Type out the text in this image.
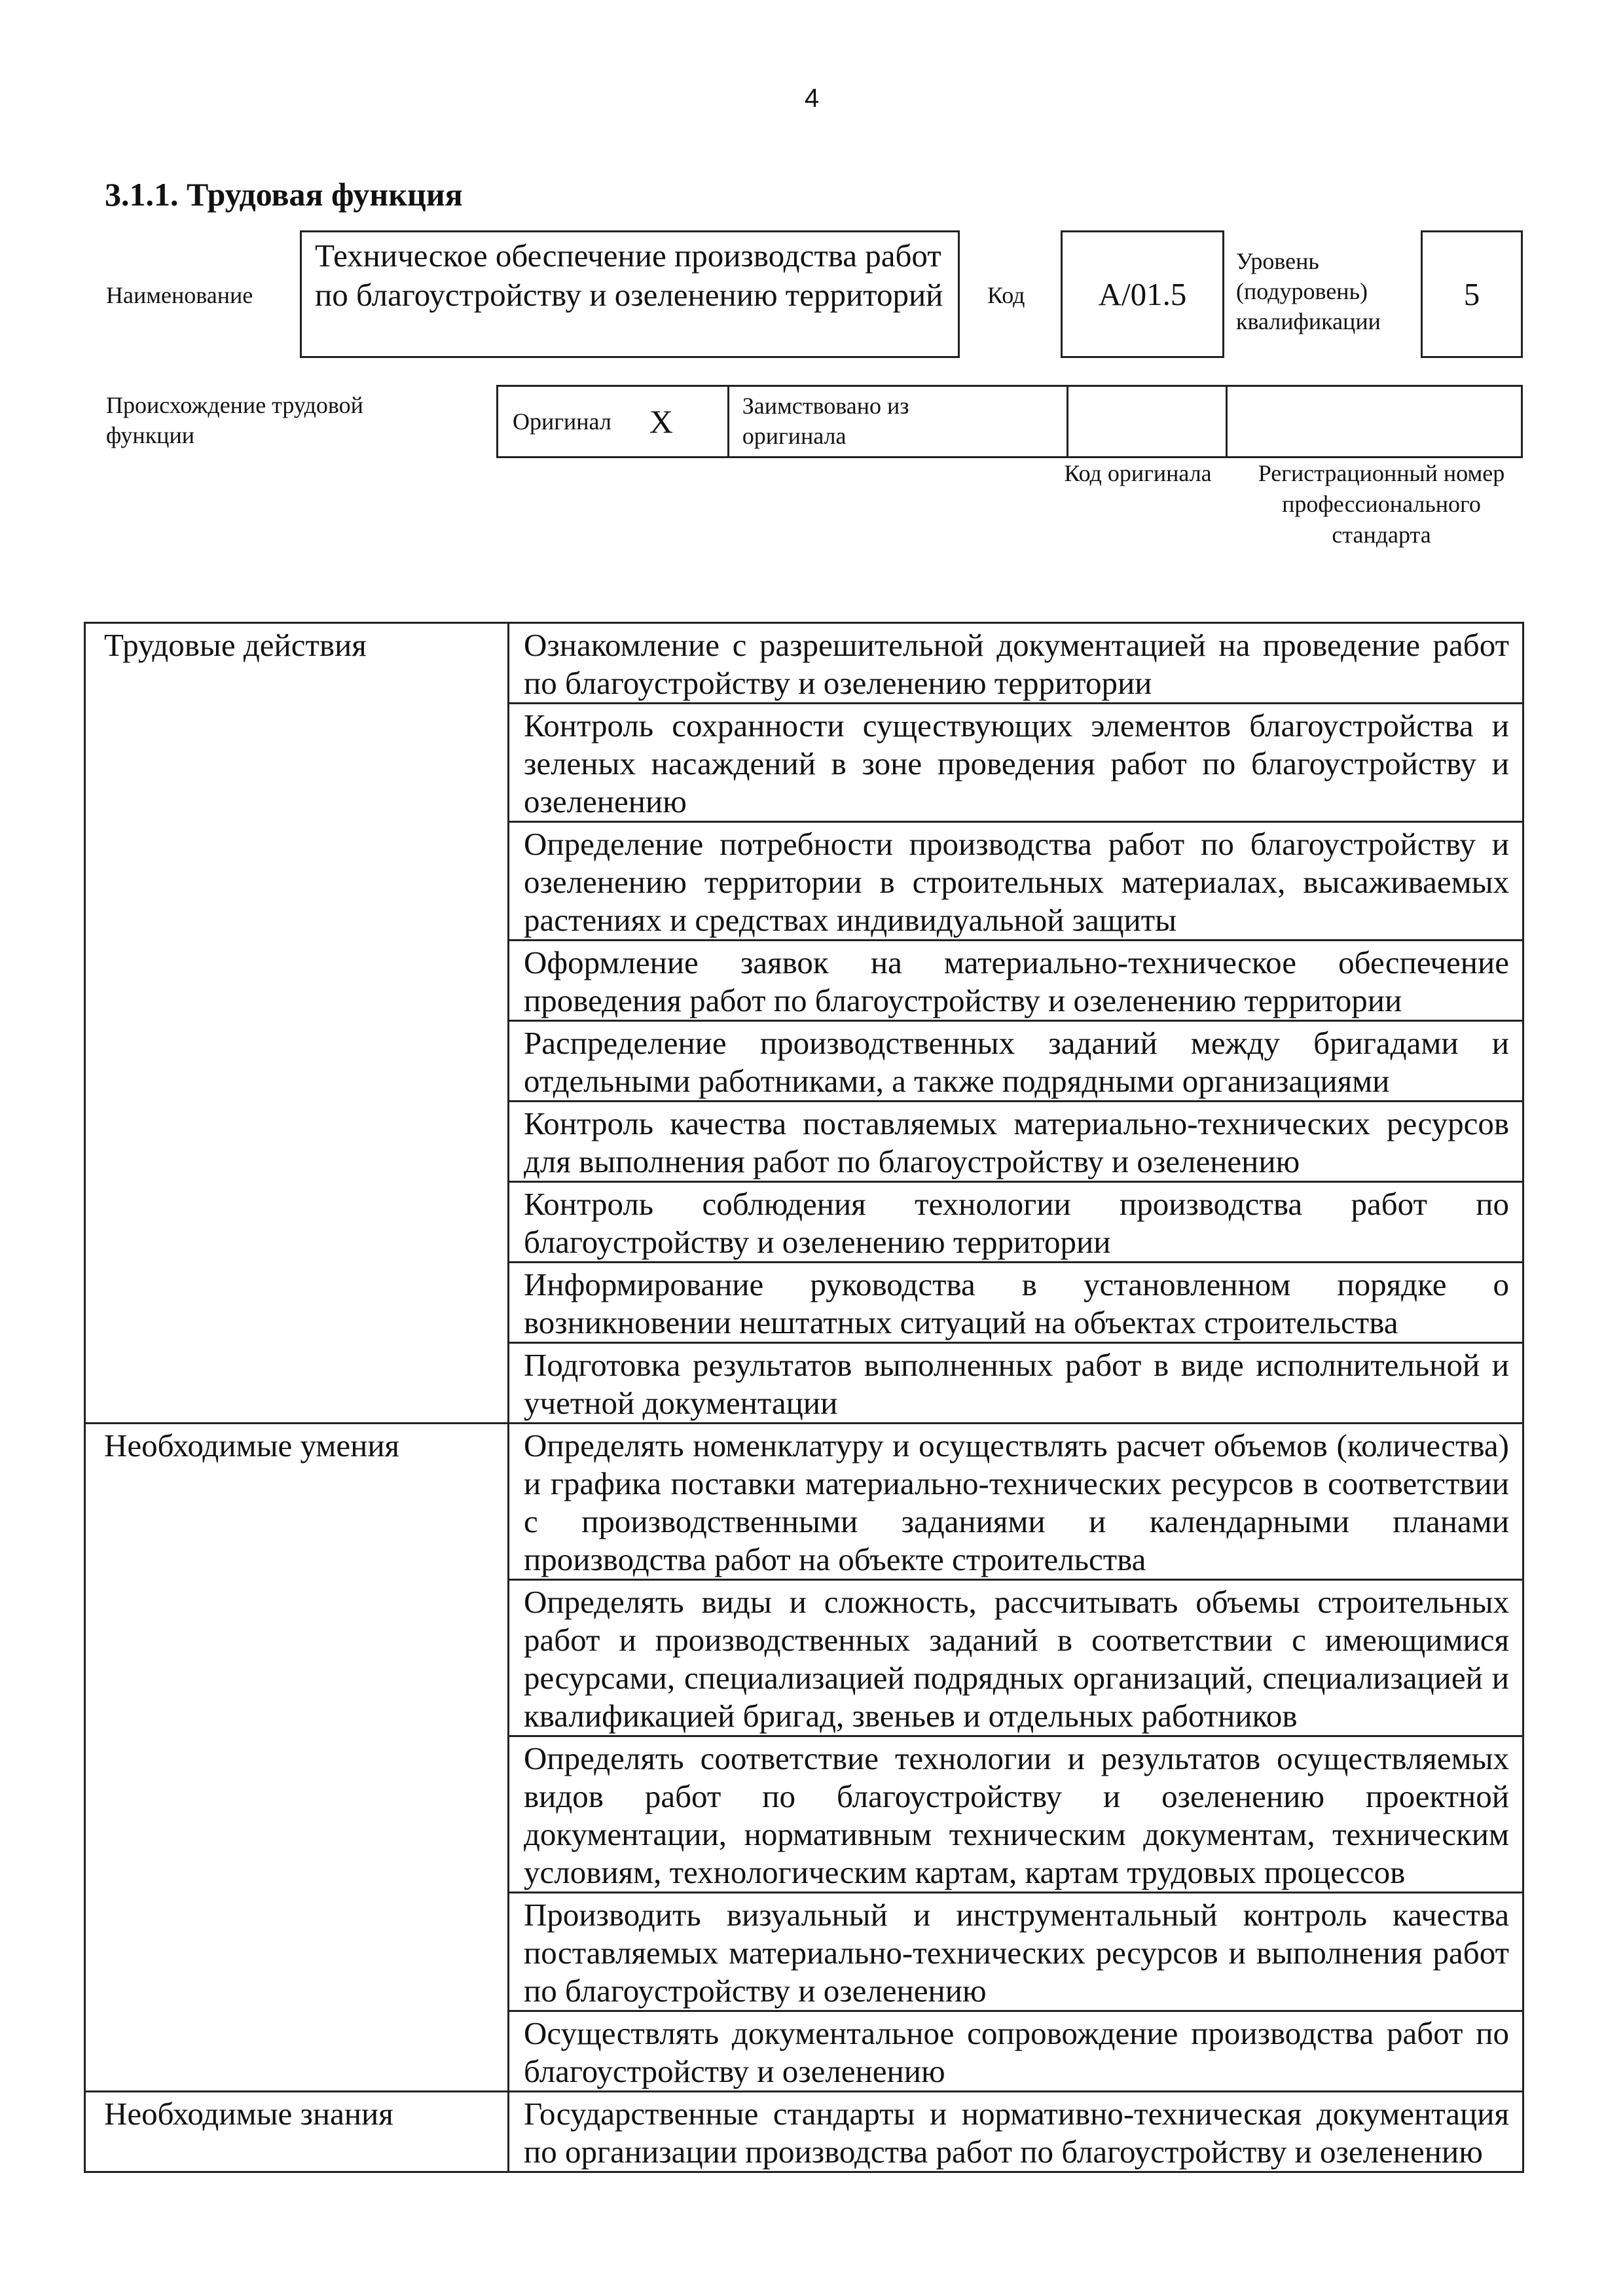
4
3.1.1. Трудовая функция
Наименование
Техническое обеспечение производства работ по благоустройству и озеленению территорий	Код А/01.5
Уровень (подуровень) квалификации
5
Происхождение трудовой функции
Оригинал X	Заимствовано из оригинала
Код оригинала	Регистрационный номер профессионального стандарта
Трудовые действия	Ознакомление с разрешительной документацией на проведение работ по благоустройству и озеленению территории
	Контроль сохранности существующих элементов благоустройства и зеленых насаждений в зоне проведения работ по благоустройству и озеленению
	Определение потребности производства работ по благоустройству и озеленению территории в строительных материалах, высаживаемых растениях и средствах индивидуальной защиты
	Оформление заявок на материально-техническое обеспечение проведения работ по благоустройству и озеленению территории
	Распределение производственных заданий между бригадами и отдельными работниками, а также подрядными организациями
	Контроль качества поставляемых материально-технических ресурсов для выполнения работ по благоустройству и озеленению
	Контроль соблюдения технологии производства работ по благоустройству и озеленению территории
	Информирование руководства в установленном порядке о возникновении нештатных ситуаций на объектах строительства
	Подготовка результатов выполненных работ в виде исполнительной и учетной документации
Необходимые умения	Определять номенклатуру и осуществлять расчет объемов (количества) и графика поставки материально-технических ресурсов в соответствии с производственными заданиями и календарными планами производства работ на объекте строительства
	Определять виды и сложность, рассчитывать объемы строительных работ и производственных заданий в соответствии с имеющимися ресурсами, специализацией подрядных организаций, специализацией и квалификацией бригад, звеньев и отдельных работников
	Определять соответствие технологии и результатов осуществляемых видов работ по благоустройству и озеленению проектной документации, нормативным техническим документам, техническим условиям, технологическим картам, картам трудовых процессов
	Производить визуальный и инструментальный контроль качества поставляемых материально-технических ресурсов и выполнения работ по благоустройству и озеленению
	Осуществлять документальное сопровождение производства работ по благоустройству и озеленению
Необходимые знания	Государственные стандарты и нормативно-техническая документация по организации производства работ по благоустройству и озеленению
